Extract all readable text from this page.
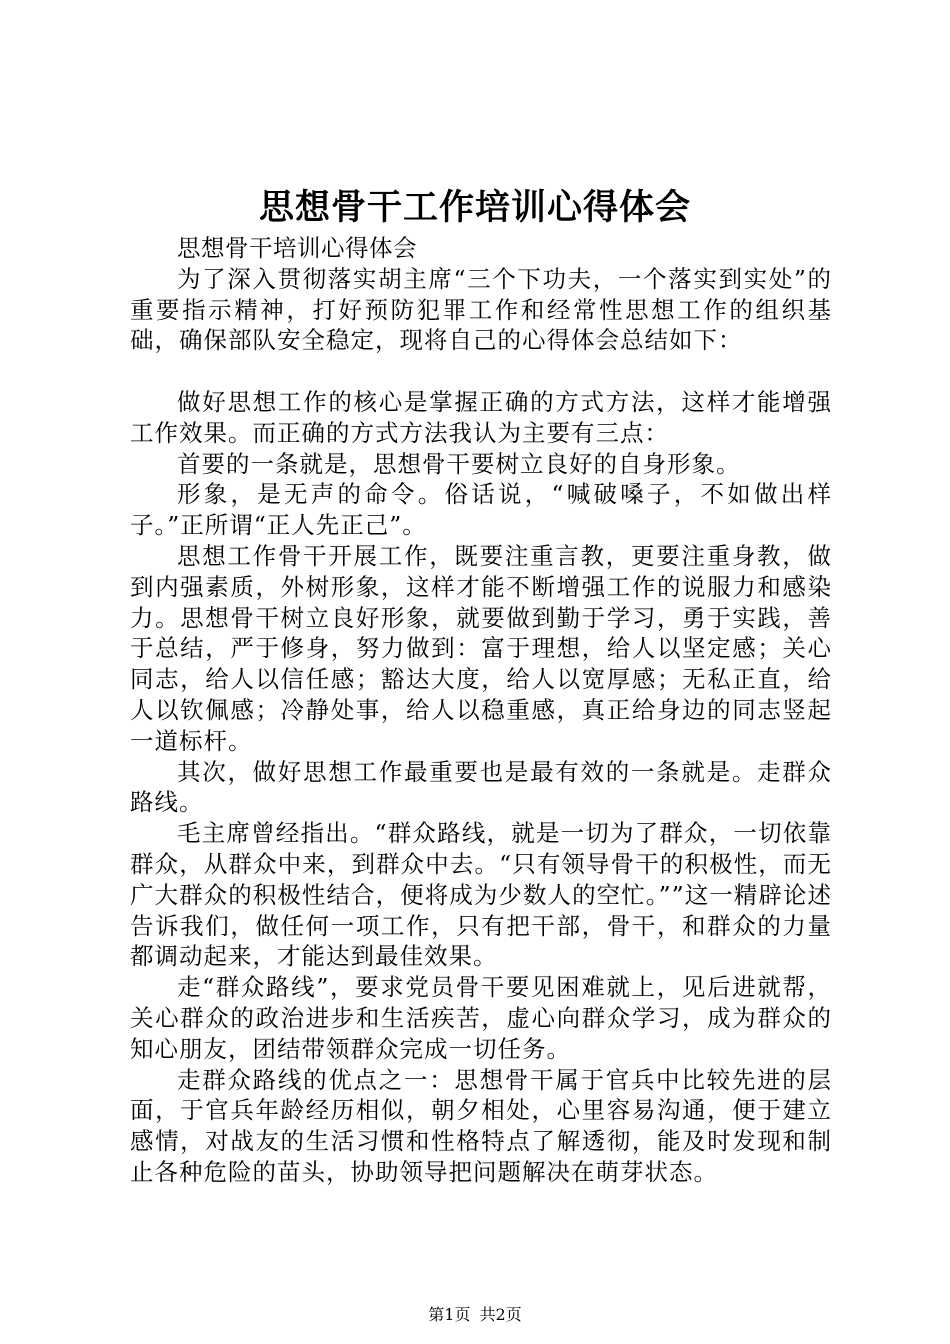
思想骨干工作培训心得体会

思想骨干培训心得体会

为了深入贯彻落实胡主席“三个下功夫，一个落实到实处”的重要指示精神，打好预防犯罪工作和经常性思想工作的组织基础，确保部队安全稳定，现将自己的心得体会总结如下：

做好思想工作的核心是掌握正确的方式方法，这样才能增强工作效果。而正确的方式方法我认为主要有三点：

首要的一条就是，思想骨干要树立良好的自身形象。

形象，是无声的命令。俗话说，“喊破嗓子，不如做出样子。”正所谓“正人先正己”。

思想工作骨干开展工作，既要注重言教，更要注重身教，做到内强素质，外树形象，这样才能不断增强工作的说服力和感染力。思想骨干树立良好形象，就要做到勤于学习，勇于实践，善于总结，严于修身，努力做到：富于理想，给人以坚定感；关心同志，给人以信任感；豁达大度，给人以宽厚感；无私正直，给人以钦佩感；冷静处事，给人以稳重感，真正给身边的同志竖起一道标杆。

其次，做好思想工作最重要也是最有效的一条就是。走群众路线。

毛主席曾经指出。“群众路线，就是一切为了群众，一切依靠群众，从群众中来，到群众中去。“只有领导骨干的积极性，而无广大群众的积极性结合，便将成为少数人的空忙。””这一精辟论述告诉我们，做任何一项工作，只有把干部，骨干，和群众的力量都调动起来，才能达到最佳效果。

走“群众路线”，要求党员骨干要见困难就上，见后进就帮，关心群众的政治进步和生活疾苦，虚心向群众学习，成为群众的知心朋友，团结带领群众完成一切任务。

走群众路线的优点之一：思想骨干属于官兵中比较先进的层面，于官兵年龄经历相似，朝夕相处，心里容易沟通，便于建立感情，对战友的生活习惯和性格特点了解透彻，能及时发现和制止各种危险的苗头，协助领导把问题解决在萌芽状态。

第1页 共2页
